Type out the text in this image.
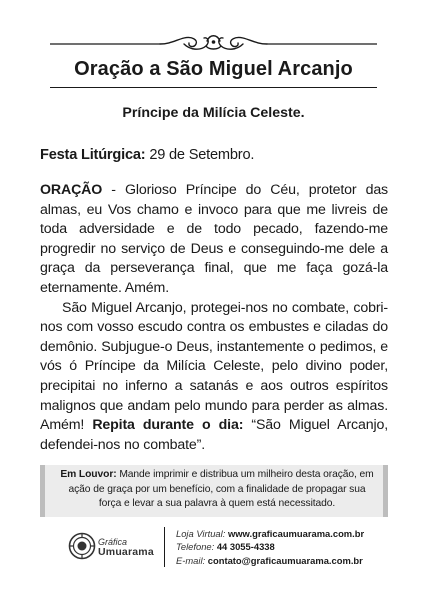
Oração a São Miguel Arcanjo
Príncipe da Milícia Celeste.
Festa Litúrgica: 29 de Setembro.

ORAÇÃO - Glorioso Príncipe do Céu, protetor das almas, eu Vos chamo e invoco para que me livreis de toda adversidade e de todo pecado, fazendo-me progredir no serviço de Deus e conseguindo-me dele a graça da perseverança final, que me faça gozá-la eternamente. Amém.

São Miguel Arcanjo, protegei-nos no combate, cobri-nos com vosso escudo contra os embustes e ciladas do demônio. Subjugue-o Deus, instantemente o pedimos, e vós ó Príncipe da Milícia Celeste, pelo divino poder, precipitai no inferno a satanás e aos outros espíritos malignos que andam pelo mundo para perder as almas. Amém! Repita durante o dia: “São Miguel Arcanjo, defendei-nos no combate”.

Em Louvor: Mande imprimir e distribua um milheiro desta oração, em ação de graça por um benefício, com a finalidade de propagar sua força e levar a sua palavra à quem está necessitado.
Gráfica
Umuarama
Loja Virtual: www.graficaumuarama.com.br
Telefone: 44 3055-4338
E-mail: contato@graficaumuarama.com.br
